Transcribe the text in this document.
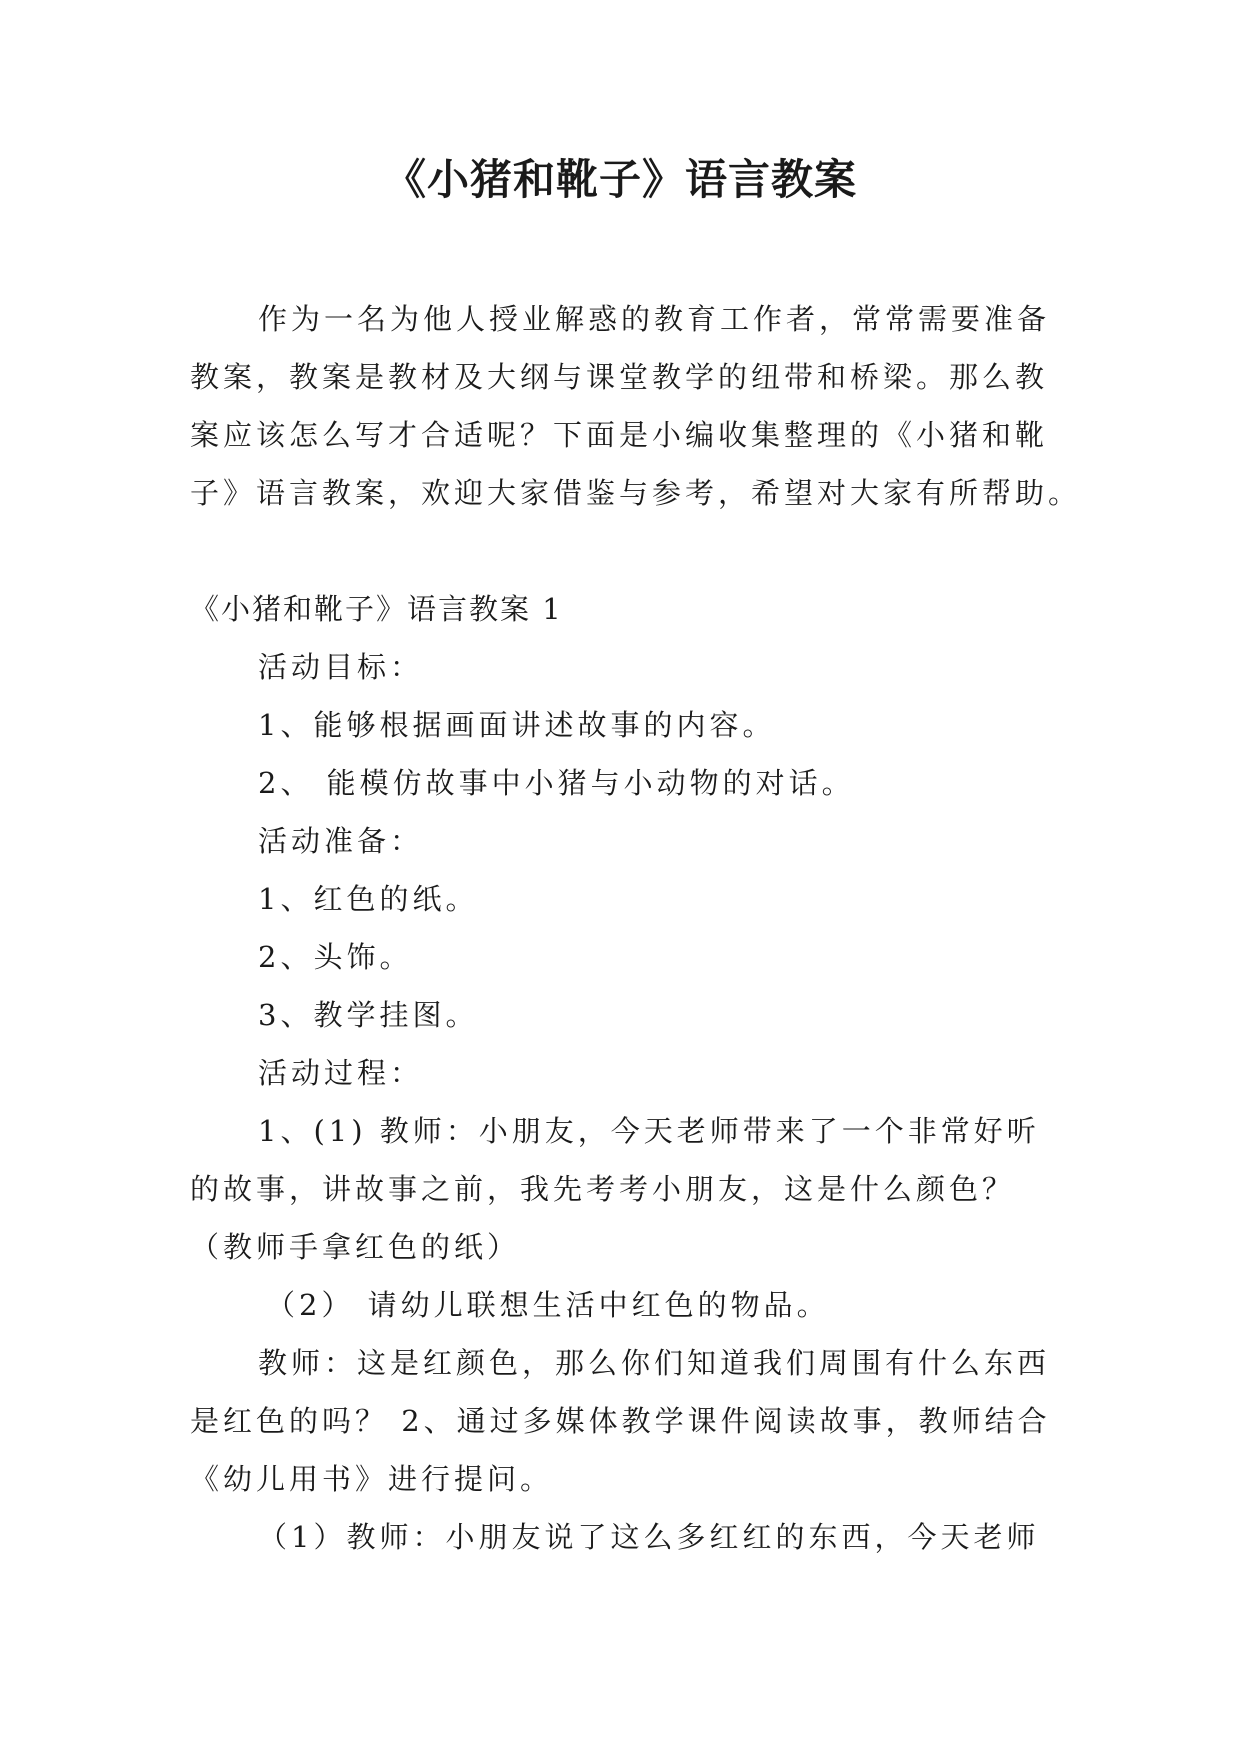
《小猪和靴子》语言教案
作为一名为他人授业解惑的教育工作者，常常需要准备
教案，教案是教材及大纲与课堂教学的纽带和桥梁。那么教
案应该怎么写才合适呢？下面是小编收集整理的《小猪和靴
子》语言教案，欢迎大家借鉴与参考，希望对大家有所帮助。
《小猪和靴子》语言教案 1
活动目标：
1、能够根据画面讲述故事的内容。
2、 能模仿故事中小猪与小动物的对话。
活动准备：
1、红色的纸。
2、头饰。
3、教学挂图。
活动过程：
1、(1) 教师：小朋友，今天老师带来了一个非常好听
的故事，讲故事之前，我先考考小朋友，这是什么颜色？
（教师手拿红色的纸）
（2） 请幼儿联想生活中红色的物品。
教师：这是红颜色，那么你们知道我们周围有什么东西
是红色的吗？ 2、通过多媒体教学课件阅读故事，教师结合
《幼儿用书》进行提问。
（1）教师：小朋友说了这么多红红的东西，今天老师
